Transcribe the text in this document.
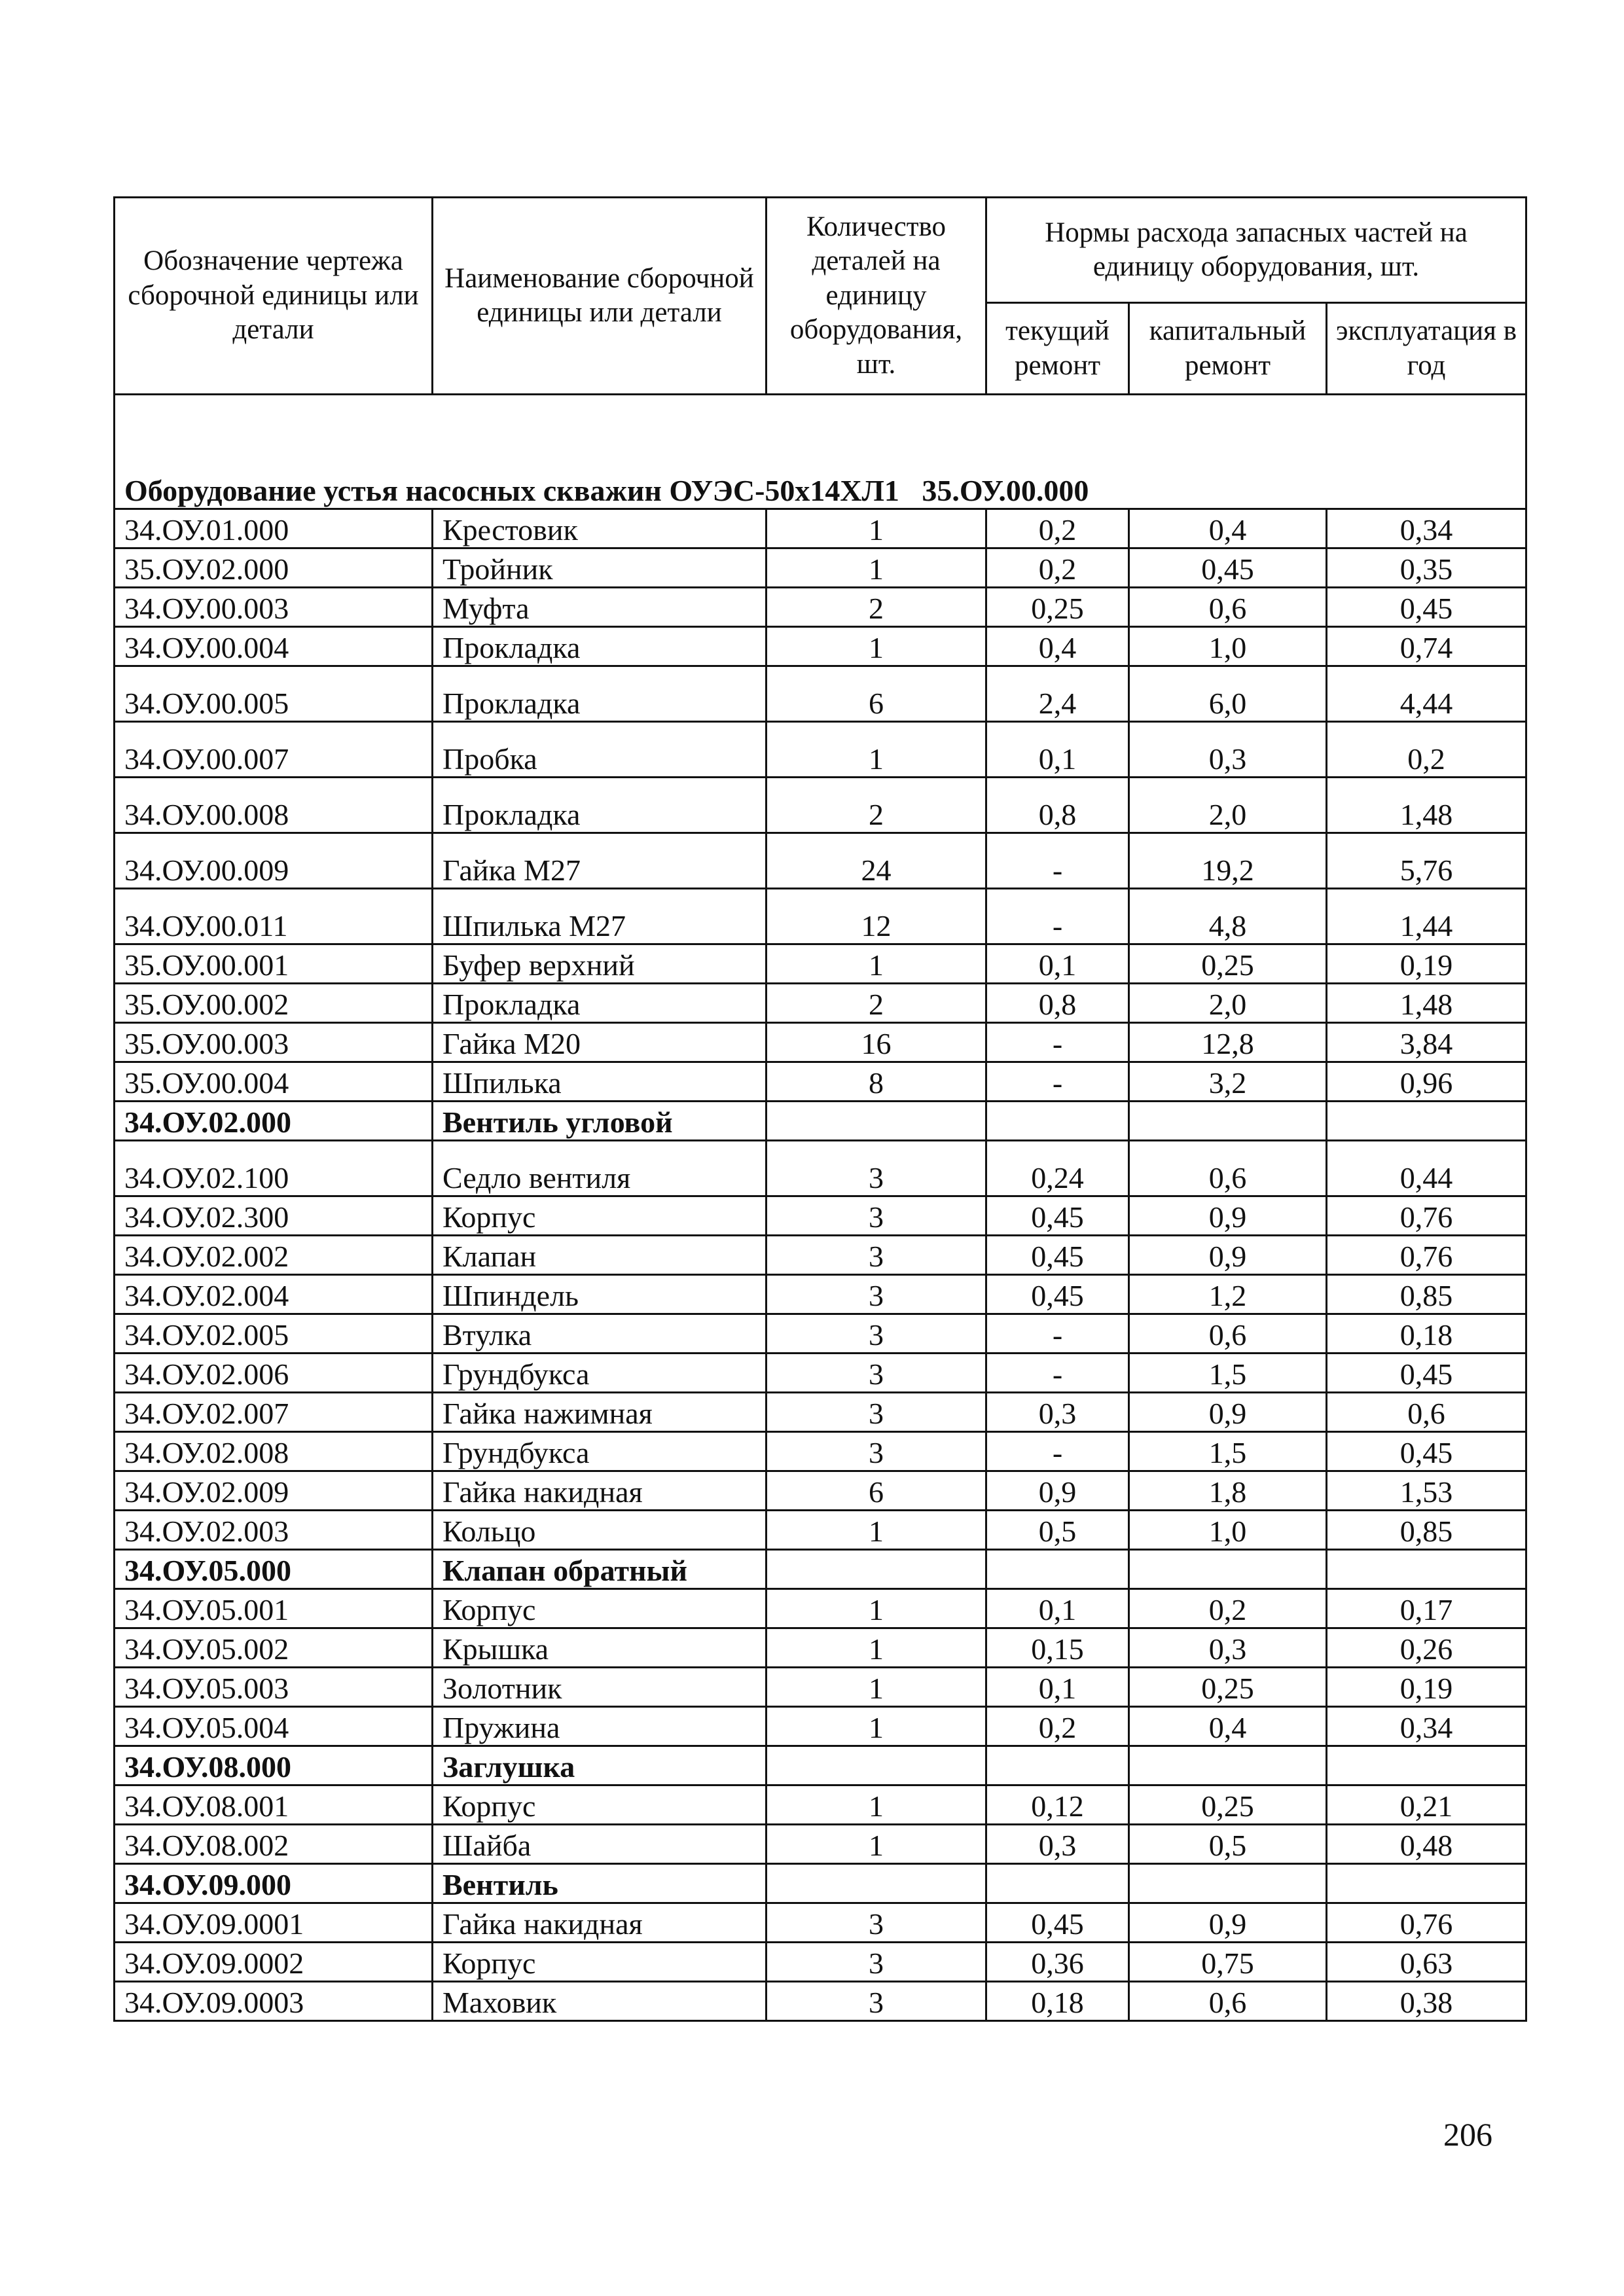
Обозначение чертежа сборочной единицы или детали	Наименование сборочной единицы или детали	Количество деталей на единицу оборудования, шт.	Нормы расхода запасных частей на единицу оборудования, шт.		
			текущий ремонт	капитальный ремонт	эксплуатация в год
Оборудование устья насосных скважин ОУЭС-50х14ХЛ1   35.ОУ.00.000					
34.ОУ.01.000	Крестовик	1	0,2	0,4	0,34
35.ОУ.02.000	Тройник	1	0,2	0,45	0,35
34.ОУ.00.003	Муфта	2	0,25	0,6	0,45
34.ОУ.00.004	Прокладка	1	0,4	1,0	0,74
34.ОУ.00.005	Прокладка	6	2,4	6,0	4,44
34.ОУ.00.007	Пробка	1	0,1	0,3	0,2
34.ОУ.00.008	Прокладка	2	0,8	2,0	1,48
34.ОУ.00.009	Гайка М27	24	-	19,2	5,76
34.ОУ.00.011	Шпилька М27	12	-	4,8	1,44
35.ОУ.00.001	Буфер верхний	1	0,1	0,25	0,19
35.ОУ.00.002	Прокладка	2	0,8	2,0	1,48
35.ОУ.00.003	Гайка М20	16	-	12,8	3,84
35.ОУ.00.004	Шпилька	8	-	3,2	0,96
34.ОУ.02.000	Вентиль угловой				
34.ОУ.02.100	Седло вентиля	3	0,24	0,6	0,44
34.ОУ.02.300	Корпус	3	0,45	0,9	0,76
34.ОУ.02.002	Клапан	3	0,45	0,9	0,76
34.ОУ.02.004	Шпиндель	3	0,45	1,2	0,85
34.ОУ.02.005	Втулка	3	-	0,6	0,18
34.ОУ.02.006	Грундбукса	3	-	1,5	0,45
34.ОУ.02.007	Гайка нажимная	3	0,3	0,9	0,6
34.ОУ.02.008	Грундбукса	3	-	1,5	0,45
34.ОУ.02.009	Гайка накидная	6	0,9	1,8	1,53
34.ОУ.02.003	Кольцо	1	0,5	1,0	0,85
34.ОУ.05.000	Клапан обратный				
34.ОУ.05.001	Корпус	1	0,1	0,2	0,17
34.ОУ.05.002	Крышка	1	0,15	0,3	0,26
34.ОУ.05.003	Золотник	1	0,1	0,25	0,19
34.ОУ.05.004	Пружина	1	0,2	0,4	0,34
34.ОУ.08.000	Заглушка				
34.ОУ.08.001	Корпус	1	0,12	0,25	0,21
34.ОУ.08.002	Шайба	1	0,3	0,5	0,48
34.ОУ.09.000	Вентиль				
34.ОУ.09.0001	Гайка накидная	3	0,45	0,9	0,76
34.ОУ.09.0002	Корпус	3	0,36	0,75	0,63
34.ОУ.09.0003	Маховик	3	0,18	0,6	0,38
206
